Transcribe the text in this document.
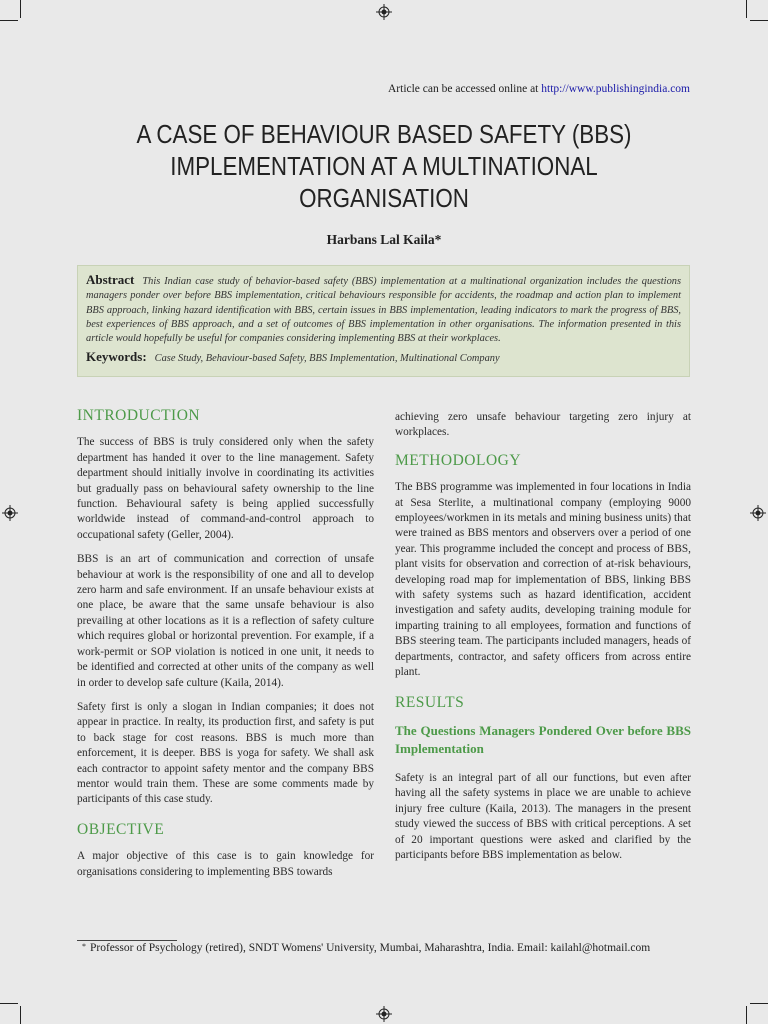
Article can be accessed online at http://www.publishingindia.com
A CASE OF BEHAVIOUR BASED SAFETY (BBS) IMPLEMENTATION AT A MULTINATIONAL ORGANISATION
Harbans Lal Kaila*

Abstract This Indian case study of behavior-based safety (BBS) implementation at a multinational organization includes the questions managers ponder over before BBS implementation, critical behaviours responsible for accidents, the roadmap and action plan to implement BBS approach, linking hazard identification with BBS, certain issues in BBS implementation, leading indicators to mark the progress of BBS, best experiences of BBS approach, and a set of outcomes of BBS implementation in other organisations. The information presented in this article would hopefully be useful for companies considering implementing BBS at their workplaces.

Keywords: Case Study, Behaviour-based Safety, BBS Implementation, Multinational Company

INTRODUCTION

The success of BBS is truly considered only when the safety department has handed it over to the line management. Safety department should initially involve in coordinating its activities but gradually pass on behavioural safety ownership to the line function. Behavioural safety is being applied successfully worldwide instead of command-and-control approach to occupational safety (Geller, 2004).

BBS is an art of communication and correction of unsafe behaviour at work is the responsibility of one and all to develop zero harm and safe environment. If an unsafe behaviour exists at one place, be aware that the same unsafe behaviour is also prevailing at other locations as it is a reflection of safety culture which requires global or horizontal prevention. For example, if a work-permit or SOP violation is noticed in one unit, it needs to be identified and corrected at other units of the company as well in order to develop safe culture (Kaila, 2014).

Safety first is only a slogan in Indian companies; it does not appear in practice. In realty, its production first, and safety is put to back stage for cost reasons. BBS is much more than enforcement, it is deeper. BBS is yoga for safety. We shall ask each contractor to appoint safety mentor and the company BBS mentor would train them. These are some comments made by participants of this case study.

OBJECTIVE

A major objective of this case is to gain knowledge for organisations considering to implementing BBS towards

achieving zero unsafe behaviour targeting zero injury at workplaces.

METHODOLOGY

The BBS programme was implemented in four locations in India at Sesa Sterlite, a multinational company (employing 9000 employees/workmen in its metals and mining business units) that were trained as BBS mentors and observers over a period of one year. This programme included the concept and process of BBS, plant visits for observation and correction of at-risk behaviours, developing road map for implementation of BBS, linking BBS with safety systems such as hazard identification, accident investigation and safety audits, developing training module for imparting training to all employees, formation and functions of BBS steering team. The participants included managers, heads of departments, contractor, and safety officers from across entire plant.

RESULTS
The Questions Managers Pondered Over before BBS Implementation

Safety is an integral part of all our functions, but even after having all the safety systems in place we are unable to achieve injury free culture (Kaila, 2013). The managers in the present study viewed the success of BBS with critical perceptions. A set of 20 important questions were asked and clarified by the participants before BBS implementation as below.

* Professor of Psychology (retired), SNDT Womens' University, Mumbai, Maharashtra, India. Email: kailahl@hotmail.com
